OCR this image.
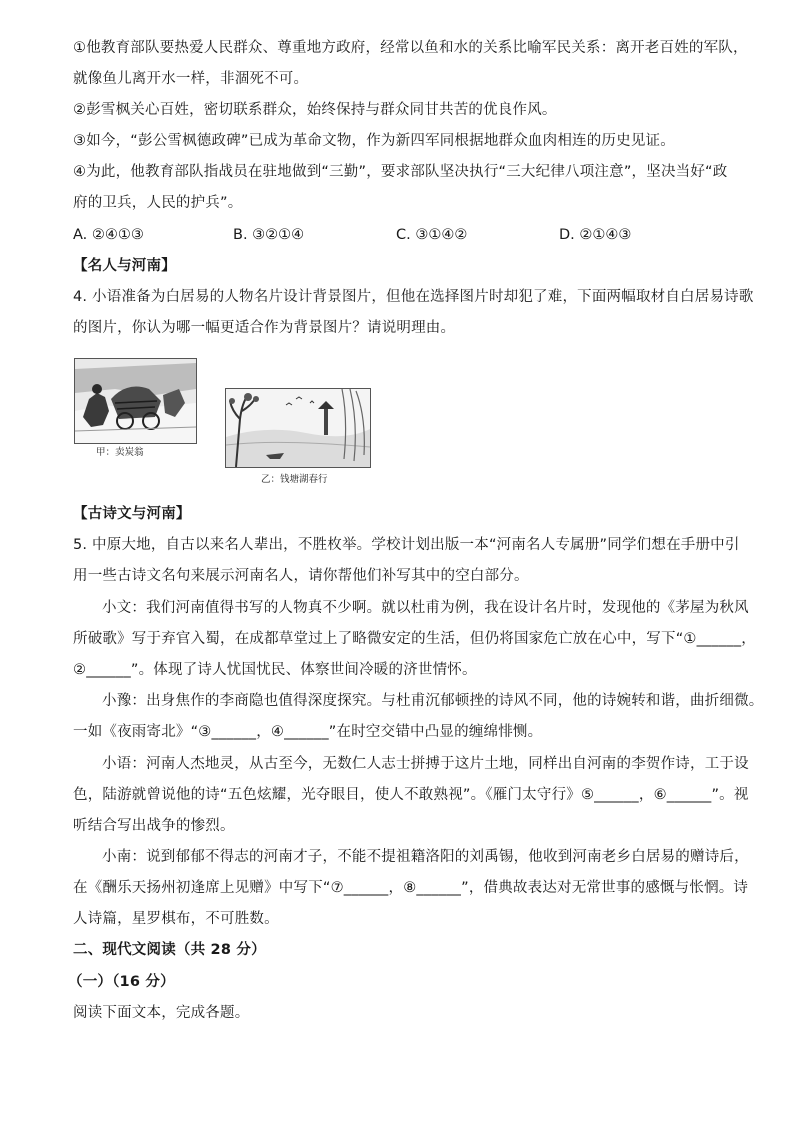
①他教育部队要热爱人民群众、尊重地方政府，经常以鱼和水的关系比喻军民关系：离开老百姓的军队，
就像鱼儿离开水一样，非涸死不可。
②彭雪枫关心百姓，密切联系群众，始终保持与群众同甘共苦的优良作风。
③如今，“彭公雪枫德政碑”已成为革命文物，作为新四军同根据地群众血肉相连的历史见证。
④为此，他教育部队指战员在驻地做到“三勤”，要求部队坚决执行“三大纪律八项注意”，坚决当好“政
府的卫兵，人民的护兵”。
A. ②④①③	B. ③②①④	C. ③①④②	D. ②①④③
【名人与河南】
4. 小语准备为白居易的人物名片设计背景图片，但他在选择图片时却犯了难，下面两幅取材自白居易诗歌
的图片，你认为哪一幅更适合作为背景图片？请说明理由。
甲：卖炭翁
乙：钱塘湖春行
【古诗文与河南】
5. 中原大地，自古以来名人辈出，不胜枚举。学校计划出版一本“河南名人专属册”同学们想在手册中引
用一些古诗文名句来展示河南名人，请你帮他们补写其中的空白部分。
小文：我们河南值得书写的人物真不少啊。就以杜甫为例，我在设计名片时，发现他的《茅屋为秋风
所破歌》写于弃官入蜀，在成都草堂过上了略微安定的生活，但仍将国家危亡放在心中，写下“①______，
②______”。体现了诗人忧国忧民、体察世间冷暖的济世情怀。
小豫：出身焦作的李商隐也值得深度探究。与杜甫沉郁顿挫的诗风不同，他的诗婉转和谐，曲折细微。
一如《夜雨寄北》“③______，④______”在时空交错中凸显的缠绵悱恻。
小语：河南人杰地灵，从古至今，无数仁人志士拼搏于这片土地，同样出自河南的李贺作诗，工于设
色，陆游就曾说他的诗“五色炫耀，光夺眼目，使人不敢熟视”。《雁门太守行》⑤______，⑥______”。视
听结合写出战争的惨烈。
小南：说到郁郁不得志的河南才子，不能不提祖籍洛阳的刘禹锡，他收到河南老乡白居易的赠诗后，
在《酬乐天扬州初逢席上见赠》中写下“⑦______，⑧______”，借典故表达对无常世事的感慨与怅惘。诗
人诗篇，星罗棋布，不可胜数。
二、现代文阅读（共 28 分）
（一）（16 分）
阅读下面文本，完成各题。
